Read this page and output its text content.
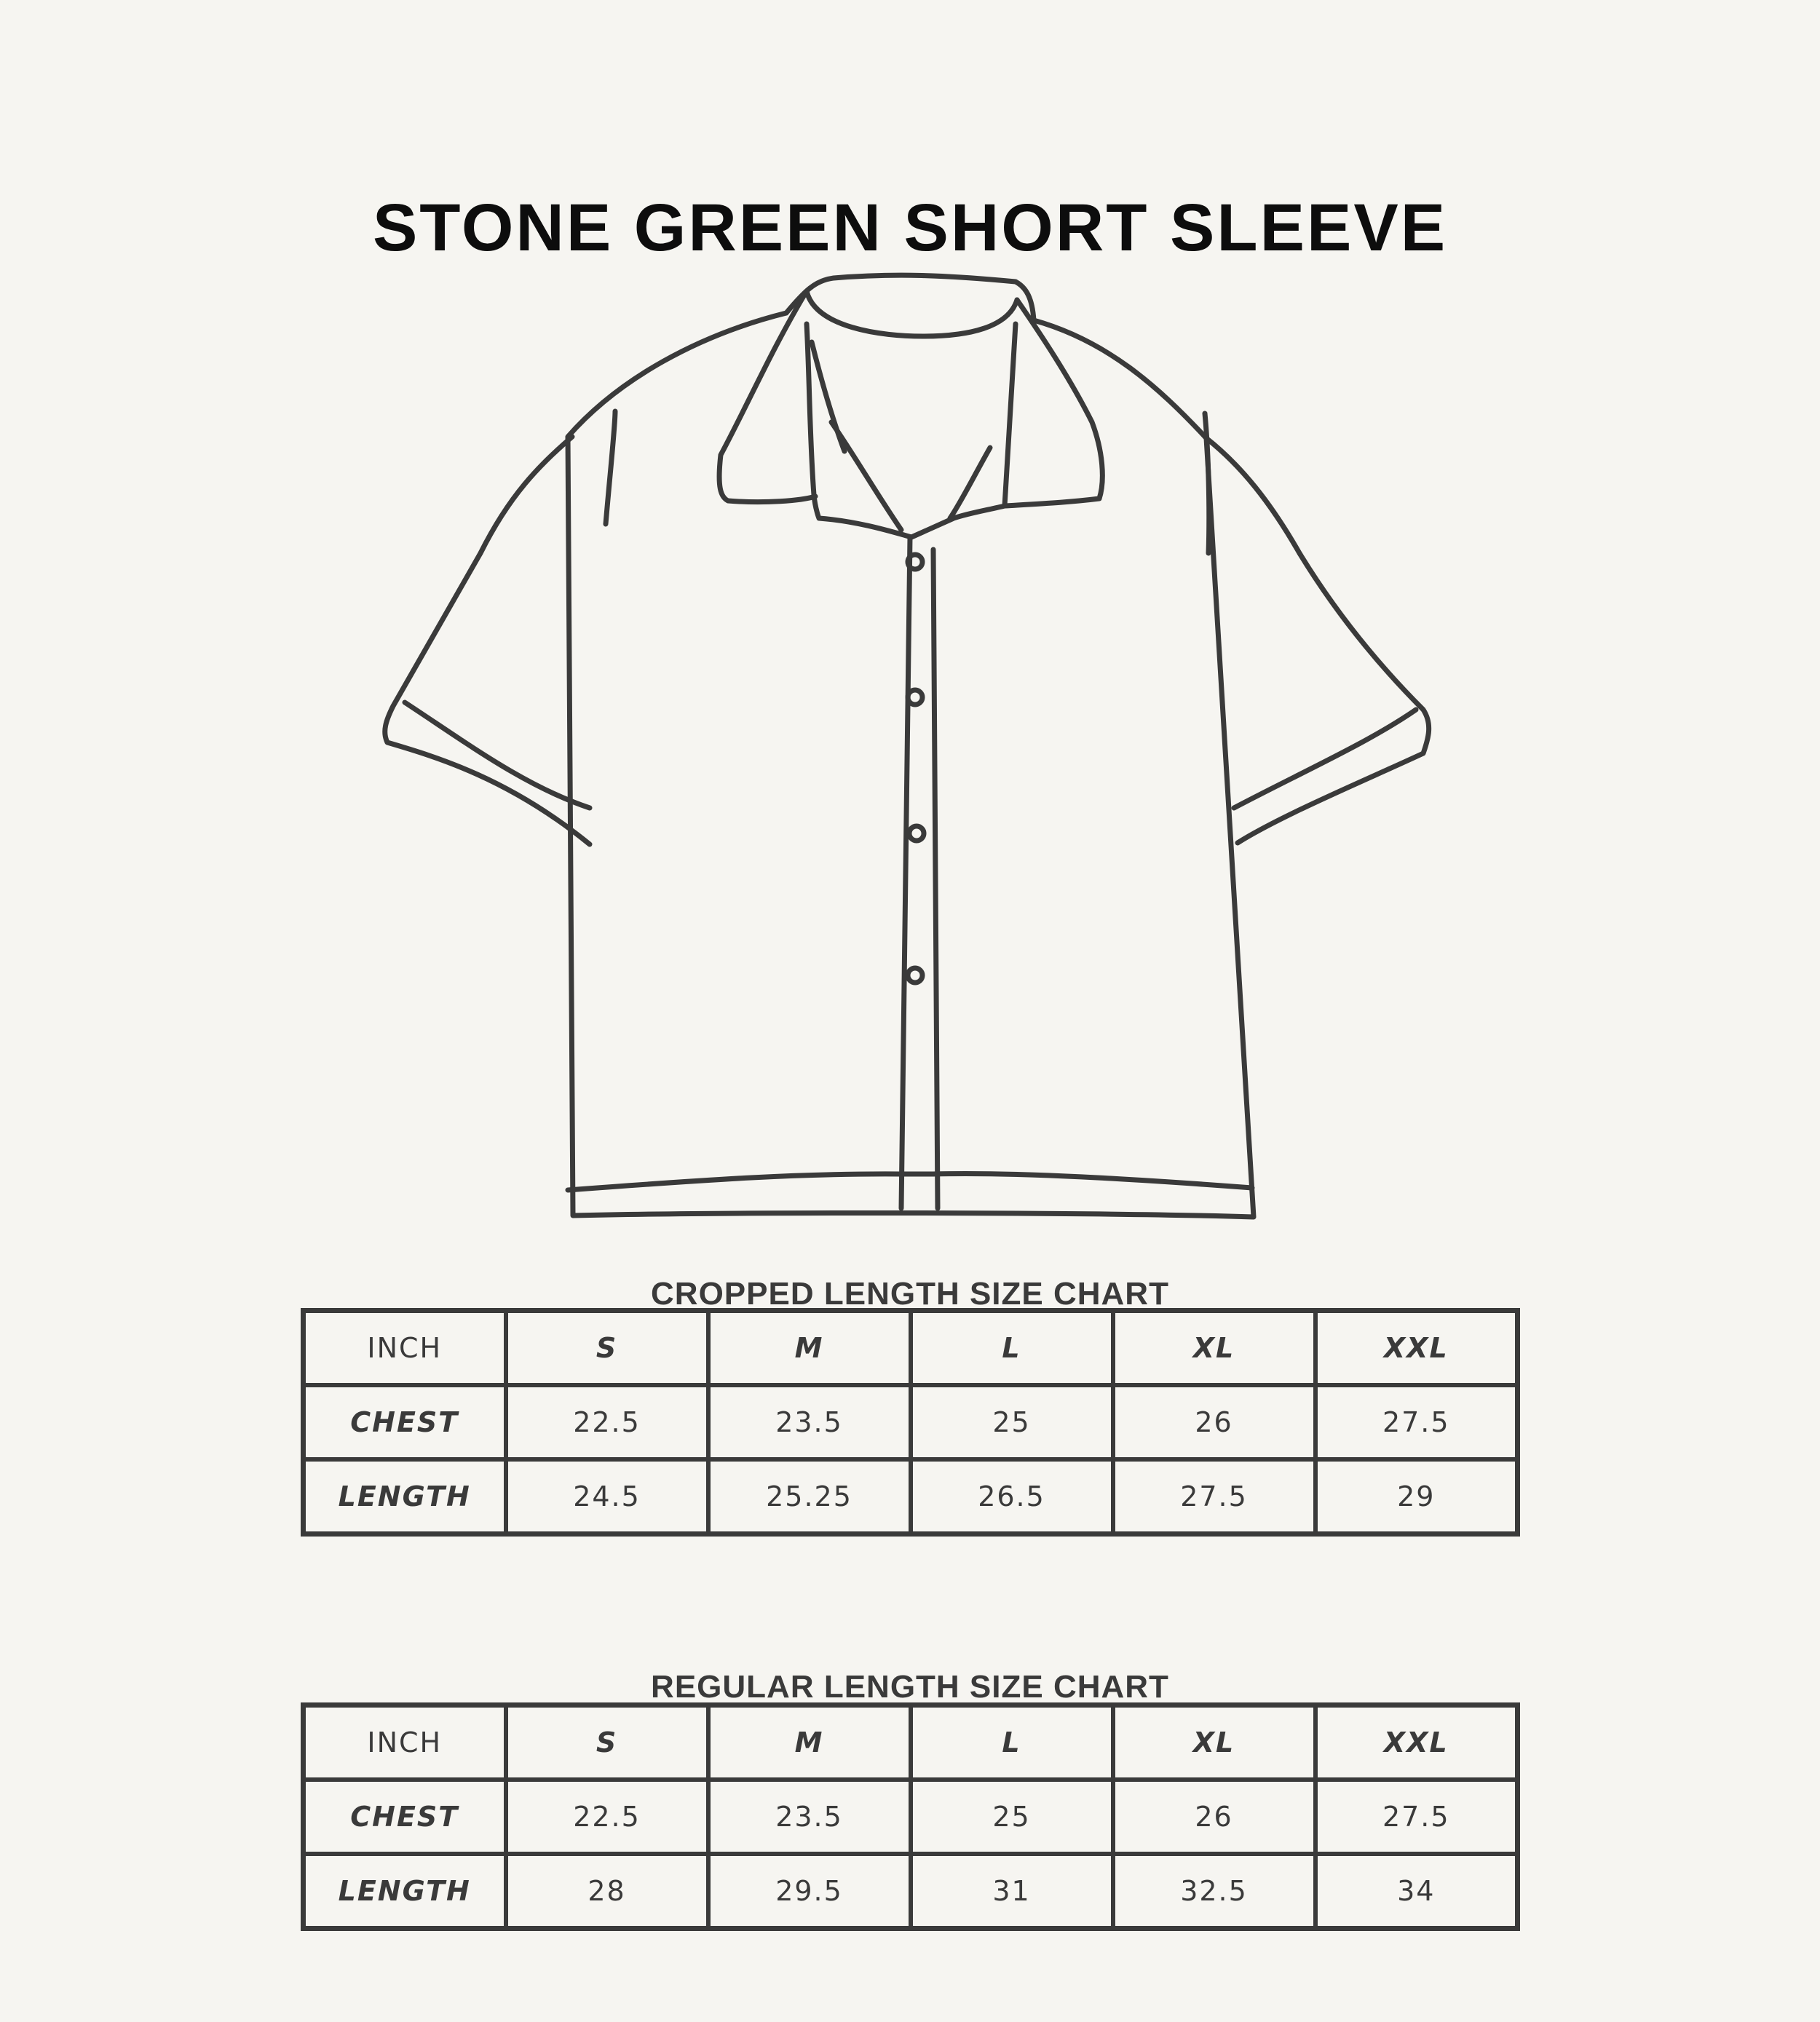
STONE GREEN SHORT SLEEVE
CROPPED LENGTH SIZE CHART
INCH	S	M	L	XL	XXL
CHEST	22.5	23.5	25	26	27.5
LENGTH	24.5	25.25	26.5	27.5	29
REGULAR LENGTH SIZE CHART
INCH	S	M	L	XL	XXL
CHEST	22.5	23.5	25	26	27.5
LENGTH	28	29.5	31	32.5	34
